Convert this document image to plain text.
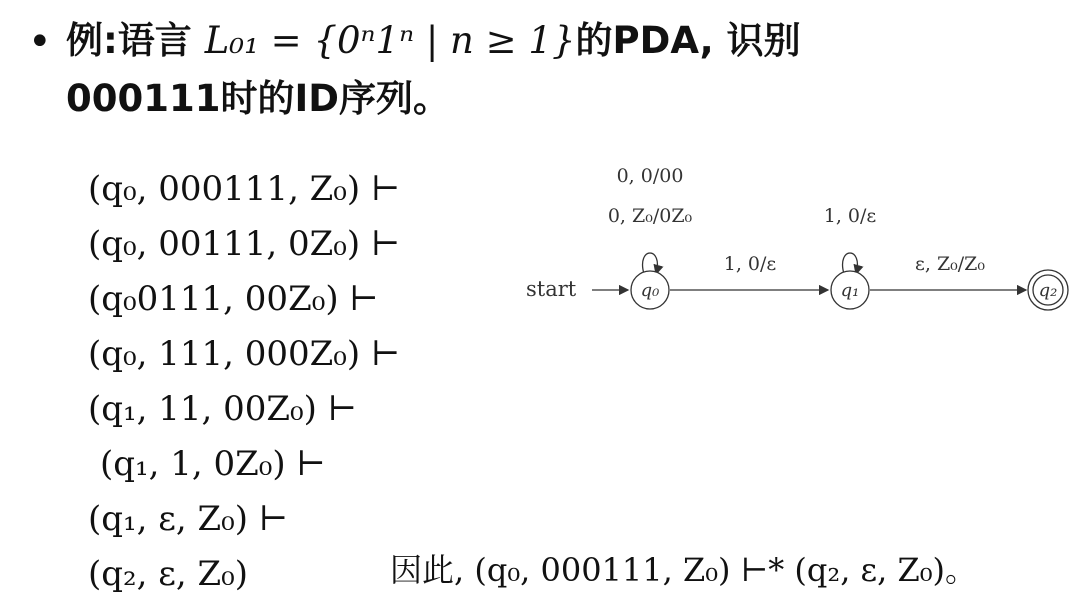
• 例:语言 L₀₁ = {0ⁿ1ⁿ | n ≥ 1}的PDA, 识别
000111时的ID序列。
(q₀, 000111, Z₀) ⊢
(q₀, 00111, 0Z₀) ⊢
(q₀0111, 00Z₀) ⊢
(q₀, 111, 000Z₀) ⊢
(q₁, 11, 00Z₀) ⊢
(q₁, 1, 0Z₀) ⊢
(q₁, ε, Z₀) ⊢
(q₂, ε, Z₀)
0, 0/00
0, Z₀/0Z₀	1, 0/ε
start
1, 0/ε	ε, Z₀/Z₀
q₀	q₁	q₂
因此, (q₀, 000111, Z₀) ⊢* (q₂, ε, Z₀)。
